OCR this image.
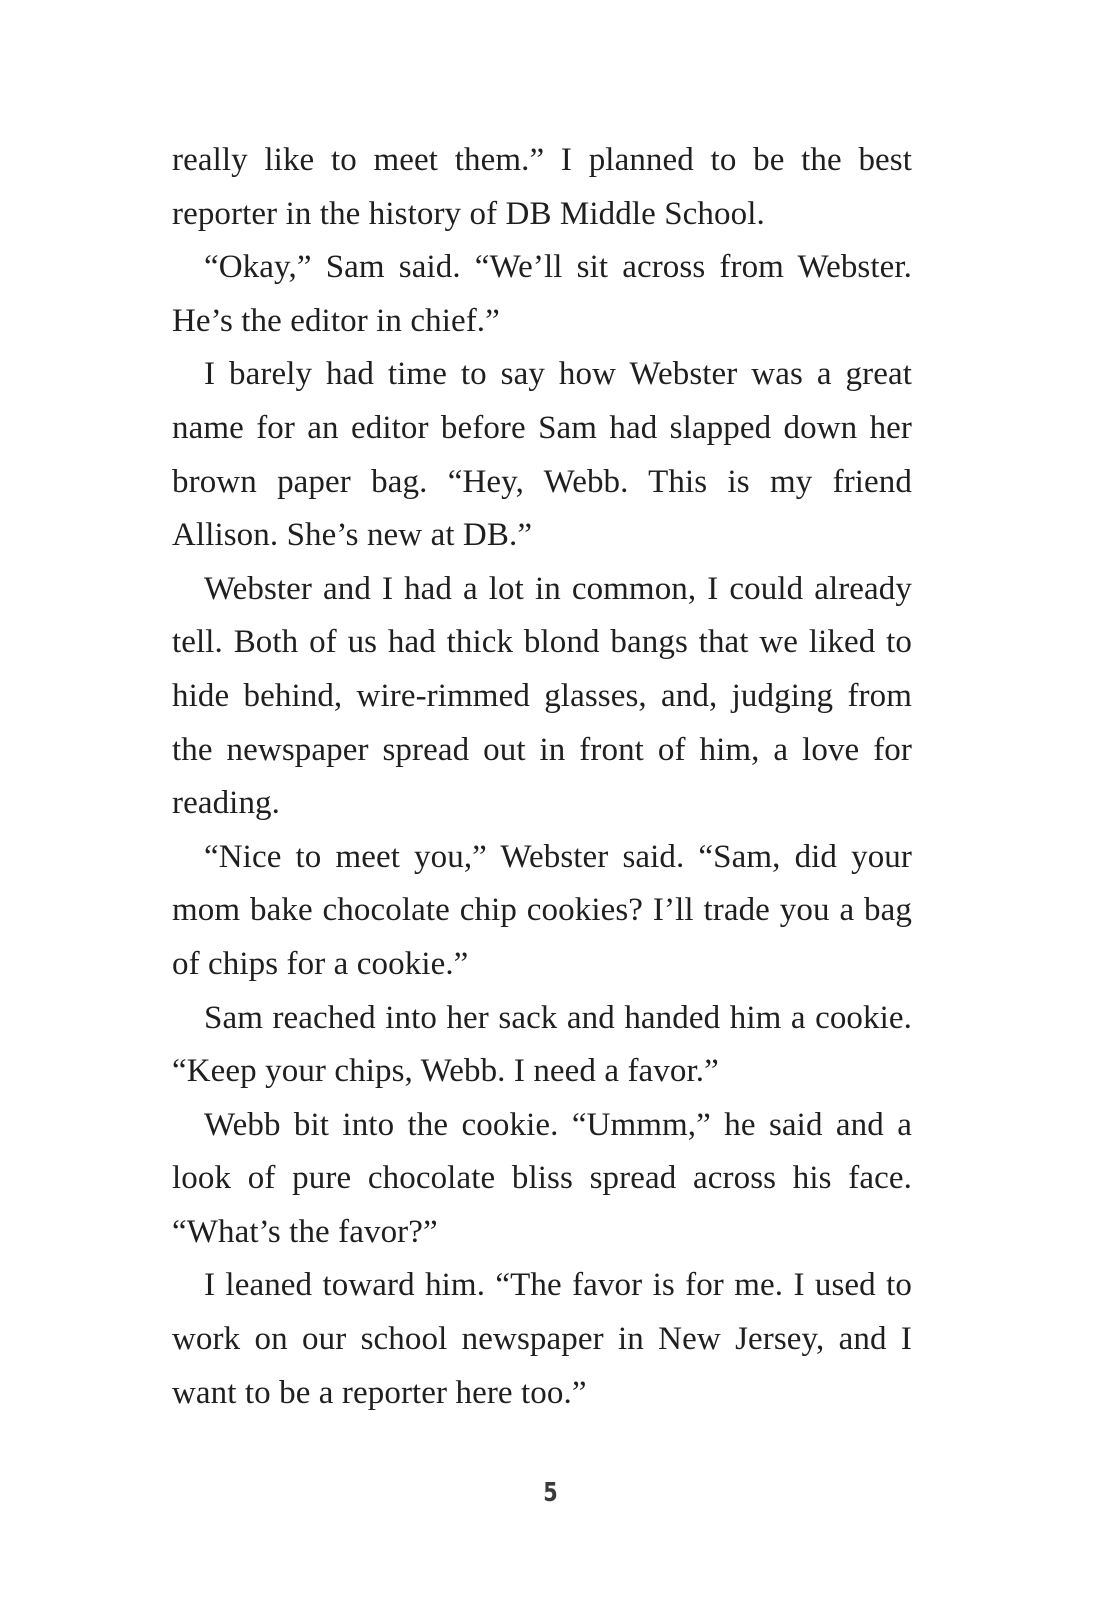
really like to meet them.” I planned to be the best reporter in the history of DB Middle School.

“Okay,” Sam said. “We’ll sit across from Webster. He’s the editor in chief.”

I barely had time to say how Webster was a great name for an editor before Sam had slapped down her brown paper bag. “Hey, Webb. This is my friend Allison. She’s new at DB.”

Webster and I had a lot in common, I could already tell. Both of us had thick blond bangs that we liked to hide behind, wire-rimmed glasses, and, judging from the newspaper spread out in front of him, a love for reading.

“Nice to meet you,” Webster said. “Sam, did your mom bake chocolate chip cookies? I’ll trade you a bag of chips for a cookie.”

Sam reached into her sack and handed him a cookie. “Keep your chips, Webb. I need a favor.”

Webb bit into the cookie. “Ummm,” he said and a look of pure chocolate bliss spread across his face. “What’s the favor?”

I leaned toward him. “The favor is for me. I used to work on our school newspaper in New Jersey, and I want to be a reporter here too.”

5
